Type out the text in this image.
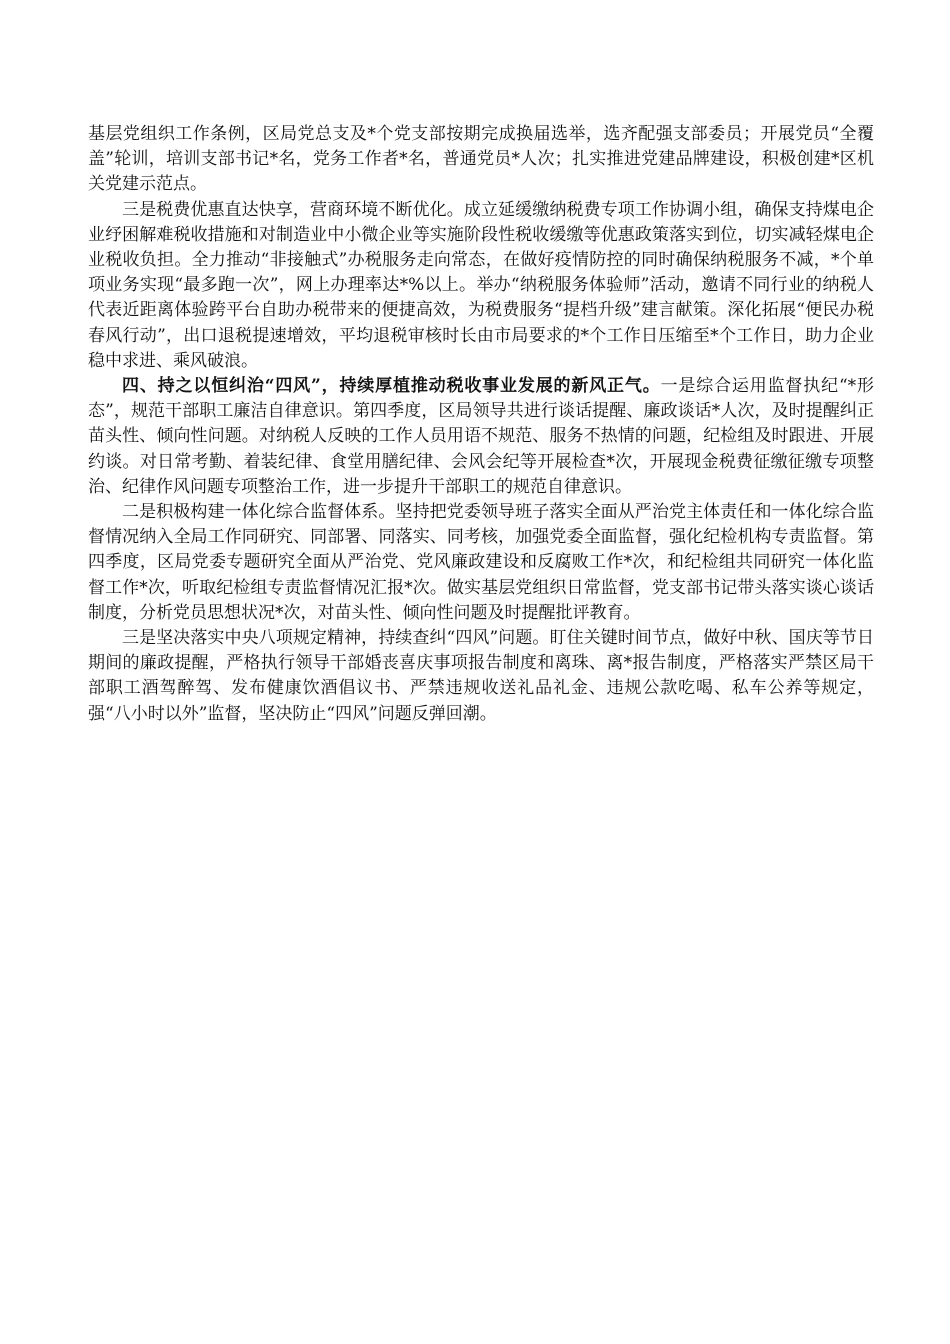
基层党组织工作条例，区局党总支及*个党支部按期完成换届选举，选齐配强支部委员；开展党员“全覆盖”轮训，培训支部书记*名，党务工作者*名，普通党员*人次；扎实推进党建品牌建设，积极创建*区机关党建示范点。

三是税费优惠直达快享，营商环境不断优化。成立延缓缴纳税费专项工作协调小组，确保支持煤电企业纾困解难税收措施和对制造业中小微企业等实施阶段性税收缓缴等优惠政策落实到位，切实减轻煤电企业税收负担。全力推动“非接触式”办税服务走向常态，在做好疫情防控的同时确保纳税服务不减，*个单项业务实现“最多跑一次”，网上办理率达*%以上。举办“纳税服务体验师”活动，邀请不同行业的纳税人代表近距离体验跨平台自助办税带来的便捷高效，为税费服务“提档升级”建言献策。深化拓展“便民办税春风行动”，出口退税提速增效，平均退税审核时长由市局要求的*个工作日压缩至*个工作日，助力企业稳中求进、乘风破浪。

四、持之以恒纠治“四风”，持续厚植推动税收事业发展的新风正气。一是综合运用监督执纪“*形态”，规范干部职工廉洁自律意识。第四季度，区局领导共进行谈话提醒、廉政谈话*人次，及时提醒纠正苗头性、倾向性问题。对纳税人反映的工作人员用语不规范、服务不热情的问题，纪检组及时跟进、开展约谈。对日常考勤、着装纪律、食堂用膳纪律、会风会纪等开展检查*次，开展现金税费征缴征缴专项整治、纪律作风问题专项整治工作，进一步提升干部职工的规范自律意识。

二是积极构建一体化综合监督体系。坚持把党委领导班子落实全面从严治党主体责任和一体化综合监督情况纳入全局工作同研究、同部署、同落实、同考核，加强党委全面监督，强化纪检机构专责监督。第四季度，区局党委专题研究全面从严治党、党风廉政建设和反腐败工作*次，和纪检组共同研究一体化监督工作*次，听取纪检组专责监督情况汇报*次。做实基层党组织日常监督，党支部书记带头落实谈心谈话制度，分析党员思想状况*次，对苗头性、倾向性问题及时提醒批评教育。

三是坚决落实中央八项规定精神，持续查纠“四风”问题。盯住关键时间节点，做好中秋、国庆等节日期间的廉政提醒，严格执行领导干部婚丧喜庆事项报告制度和离珠、离*报告制度，严格落实严禁区局干部职工酒驾醉驾、发布健康饮酒倡议书、严禁违规收送礼品礼金、违规公款吃喝、私车公养等规定，强“八小时以外”监督，坚决防止“四风”问题反弹回潮。
